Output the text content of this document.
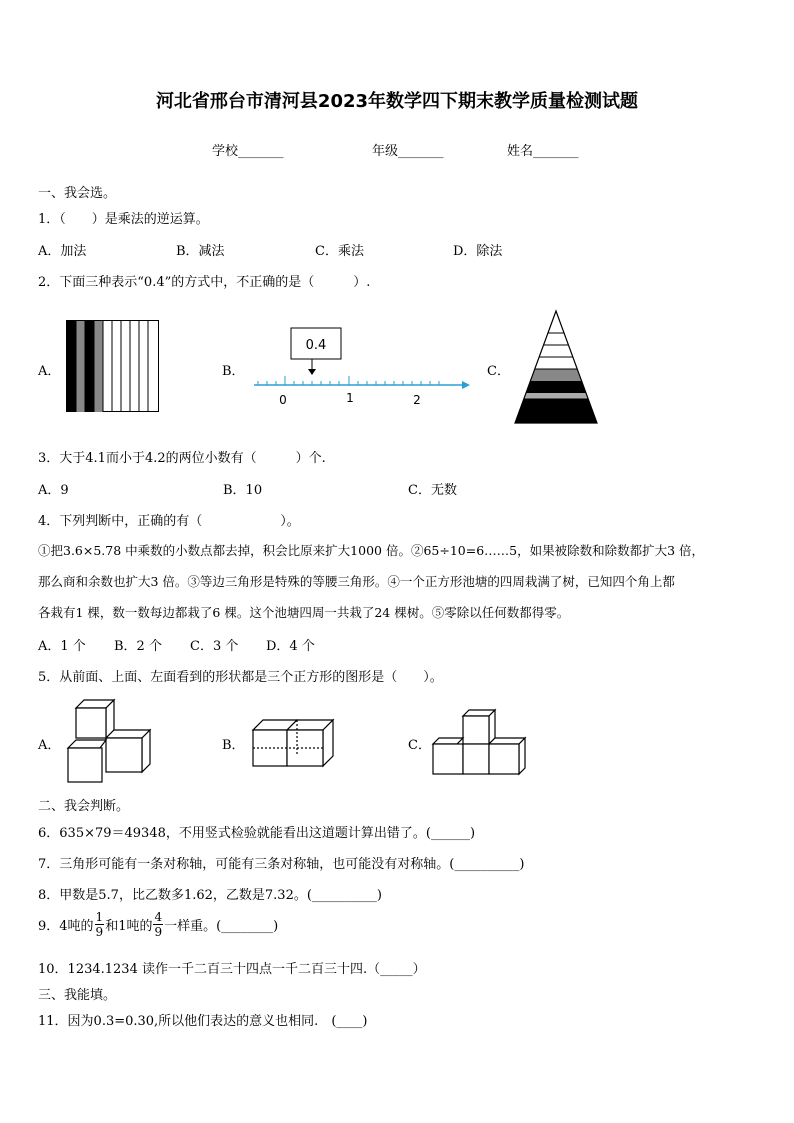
河北省邢台市清河县2023年数学四下期末教学质量检测试题
学校_______	年级_______	姓名_______
一、我会选。
1．（　　）是乘法的逆运算。
A．加法	B．减法	C．乘法	D．除法
2．下面三种表示“0.4”的方式中，不正确的是（　　　）.
A．	B．	C．
0.4
0	1	2
3．大于4.1而小于4.2的两位小数有（　　　）个.
A．9	B．10	C．无数
4．下列判断中，正确的有（　　　　　　）。
①把3.6×5.78 中乘数的小数点都去掉，积会比原来扩大1000 倍。②65÷10=6……5，如果被除数和除数都扩大3 倍，
那么商和余数也扩大3 倍。③等边三角形是特殊的等腰三角形。④一个正方形池塘的四周栽满了树，已知四个角上都
各栽有1 棵，数一数每边都栽了6 棵。这个池塘四周一共栽了24 棵树。⑤零除以任何数都得零。
A．1 个 B．2 个 C．3 个 D．4 个
5．从前面、上面、左面看到的形状都是三个正方形的图形是（　　）。
A．	B．	C．
二、我会判断。
6．635×79＝49348，不用竖式检验就能看出这道题计算出错了。(______)
7．三角形可能有一条对称轴，可能有三条对称轴，也可能没有对称轴。(__________)
8．甲数是5.7，比乙数多1.62，乙数是7.32。(__________)
9．4吨的 $\frac{1}{9}$ 和1吨的 $\frac{4}{9}$ 一样重。(________)
10．1234.1234 读作一千二百三十四点一千二百三十四.（_____）
三、我能填。
11．因为0.3=0.30,所以他们表达的意义也相同.　(____)
